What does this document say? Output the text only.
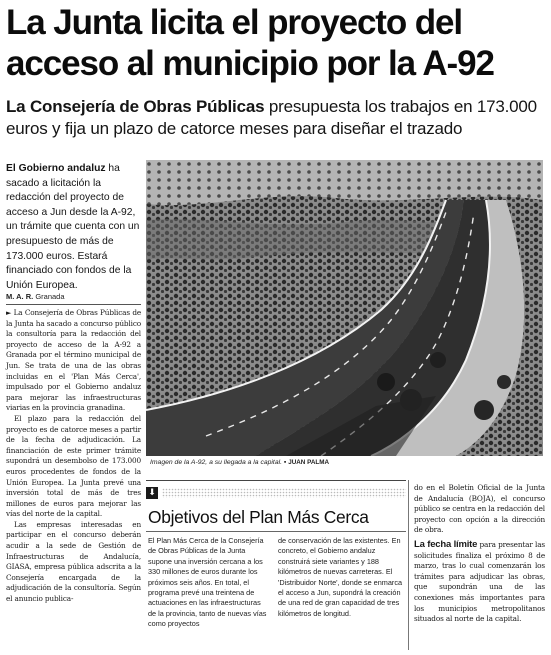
La Junta licita el proyecto del
acceso al municipio por la A-92
La Consejería de Obras Públicas presupuesta los trabajos en 173.000 euros y fija un plazo de catorce meses para diseñar el trazado
El Gobierno andaluz ha sacado a licitación la redacción del proyecto de acceso a Jun desde la A-92, un trámite que cuenta con un presupuesto de más de 173.000 euros. Estará financiado con fondos de la Unión Europea.
M. A. R. Granada

► La Consejería de Obras Públicas de la Junta ha sacado a concurso público la consultoría para la redacción del proyecto de acceso de la A-92 a Granada por el término municipal de Jun. Se trata de una de las obras incluidas en el 'Plan Más Cerca', impulsado por el Gobierno andaluz para mejorar las infraestructuras viarias en la provincia granadina.

El plazo para la redacción del proyecto es de catorce meses a partir de la fecha de adjudicación. La financiación de este primer trámite supondrá un desembolso de 173.000 euros procedentes de fondos de la Unión Europea. La Junta prevé una inversión total de más de tres millones de euros para mejorar las vías del norte de la capital.

Las empresas interesadas en participar en el concurso deberán acudir a la sede de Gestión de Infraestructuras de Andalucía, GIASA, empresa pública adscrita a la Consejería encargada de la adjudicación de la consultoría. Según el anuncio publica-

Imagen de la A-92, a su llegada a la capital. ▪ JUAN PALMA
⬇
Objetivos del Plan Más Cerca

El Plan Más Cerca de la Consejería de Obras Públicas de la Junta supone una inversión cercana a los 330 millones de euros durante los próximos seis años. En total, el programa prevé una treintena de actuaciones en las infraestructuras de la provincia, tanto de nuevas vías como proyectos

de conservación de las existentes. En concreto, el Gobierno andaluz construirá siete variantes y 188 kilómetros de nuevas carreteras. El 'Distribuidor Norte', donde se enmarca el acceso a Jun, supondrá la creación de una red de gran capacidad de tres kilómetros de longitud.

do en el Boletín Oficial de la Junta de Andalucía (BOJA), el concurso público se centra en la redacción del proyecto con opción a la dirección de obra.

La fecha límite para presentar las solicitudes finaliza el próximo 8 de marzo, tras lo cual comenzarán los trámites para adjudicar las obras, que supondrán una de las conexiones más importantes para los municipios metropolitanos situados al norte de la capital.
